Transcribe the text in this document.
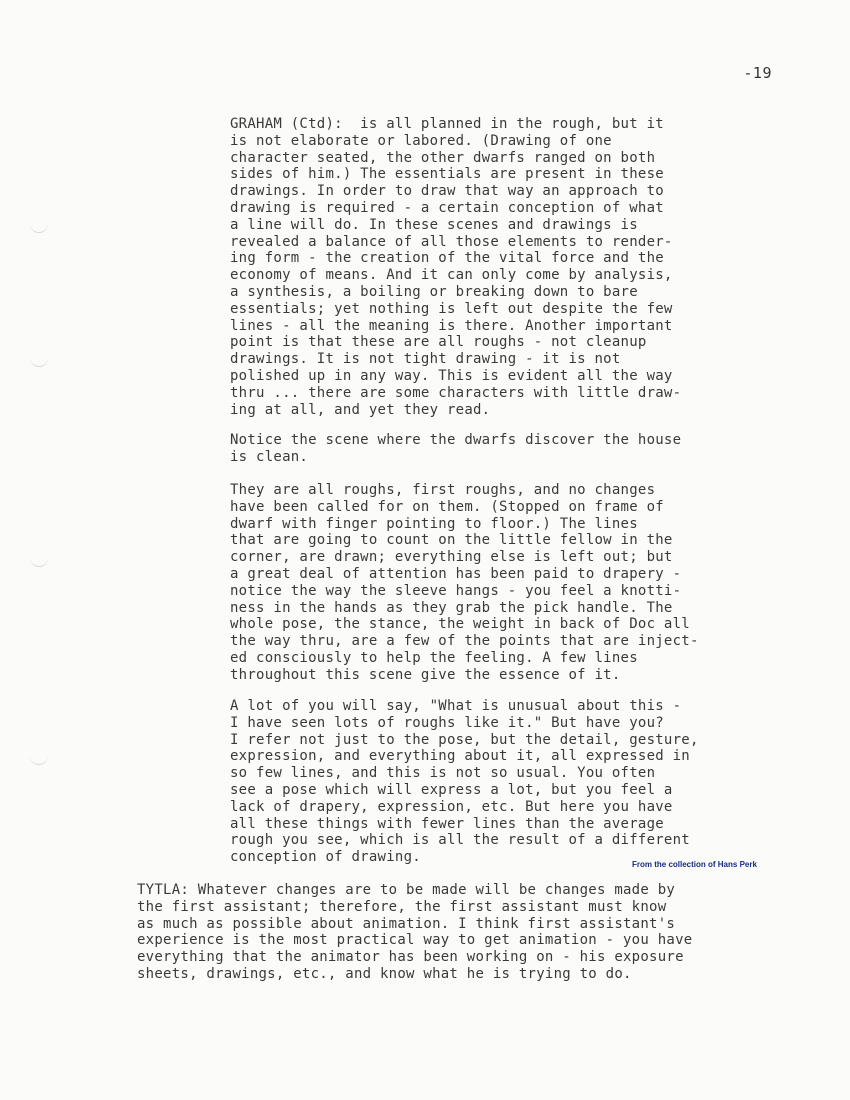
-19
GRAHAM (Ctd):  is all planned in the rough, but it
is not elaborate or labored. (Drawing of one
character seated, the other dwarfs ranged on both
sides of him.) The essentials are present in these
drawings. In order to draw that way an approach to
drawing is required - a certain conception of what
a line will do. In these scenes and drawings is
revealed a balance of all those elements to render-
ing form - the creation of the vital force and the
economy of means. And it can only come by analysis,
a synthesis, a boiling or breaking down to bare
essentials; yet nothing is left out despite the few
lines - all the meaning is there. Another important
point is that these are all roughs - not cleanup
drawings. It is not tight drawing - it is not
polished up in any way. This is evident all the way
thru ... there are some characters with little draw-
ing at all, and yet they read.
Notice the scene where the dwarfs discover the house
is clean.
They are all roughs, first roughs, and no changes
have been called for on them. (Stopped on frame of
dwarf with finger pointing to floor.) The lines
that are going to count on the little fellow in the
corner, are drawn; everything else is left out; but
a great deal of attention has been paid to drapery -
notice the way the sleeve hangs - you feel a knotti-
ness in the hands as they grab the pick handle. The
whole pose, the stance, the weight in back of Doc all
the way thru, are a few of the points that are inject-
ed consciously to help the feeling. A few lines
throughout this scene give the essence of it.
A lot of you will say, "What is unusual about this -
I have seen lots of roughs like it." But have you?
I refer not just to the pose, but the detail, gesture,
expression, and everything about it, all expressed in
so few lines, and this is not so usual. You often
see a pose which will express a lot, but you feel a
lack of drapery, expression, etc. But here you have
all these things with fewer lines than the average
rough you see, which is all the result of a different
conception of drawing.
TYTLA: Whatever changes are to be made will be changes made by
the first assistant; therefore, the first assistant must know
as much as possible about animation. I think first assistant's
experience is the most practical way to get animation - you have
everything that the animator has been working on - his exposure
sheets, drawings, etc., and know what he is trying to do.
From the collection of Hans Perk
